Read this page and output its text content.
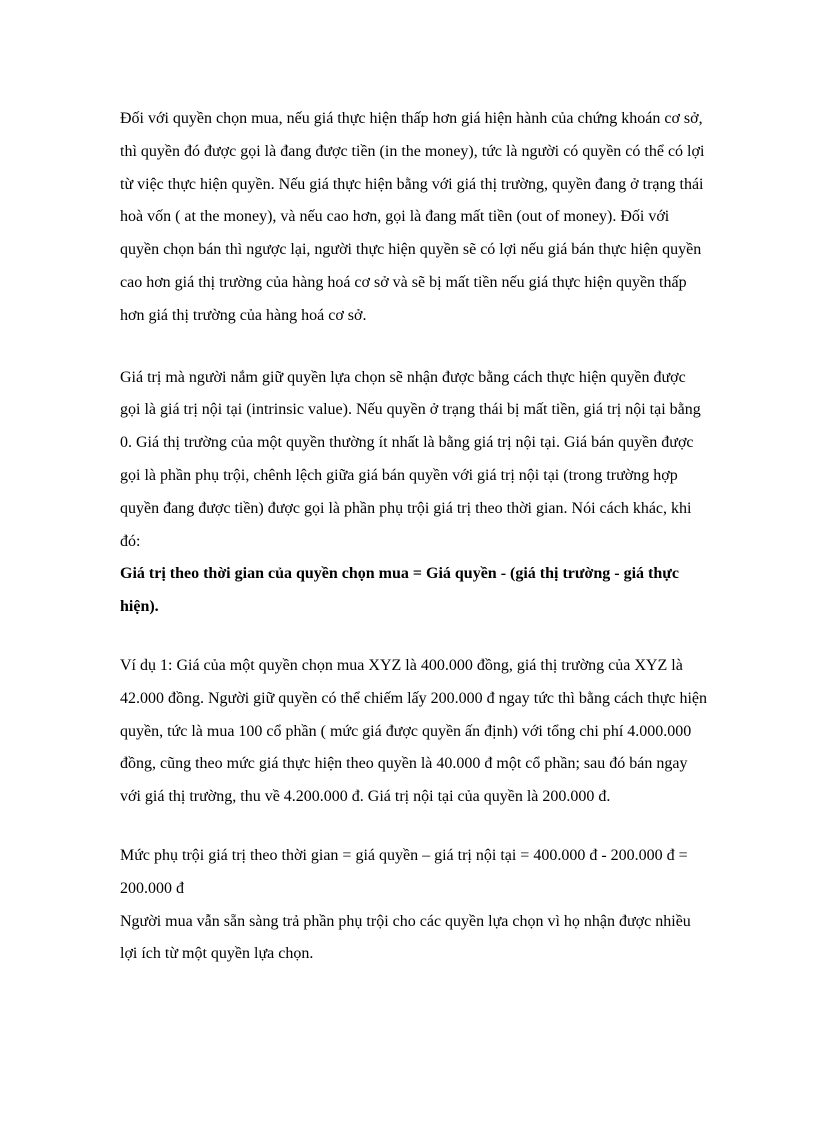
Đối với quyền chọn mua, nếu giá thực hiện thấp hơn giá hiện hành của chứng khoán cơ sở, thì quyền đó được gọi là đang được tiền (in the money), tức là người có quyền có thể có lợi từ việc thực hiện quyền. Nếu giá thực hiện bằng với giá thị trường, quyền đang ở trạng thái hoà vốn ( at the money), và nếu cao hơn, gọi là đang mất tiền (out of money). Đối với quyền chọn bán thì ngược lại, người thực hiện quyền sẽ có lợi nếu giá bán thực hiện quyền cao hơn giá thị trường của hàng hoá cơ sở và sẽ bị mất tiền nếu giá thực hiện quyền thấp hơn giá thị trường của hàng hoá cơ sở.

Giá trị mà người nắm giữ quyền lựa chọn sẽ nhận được bằng cách thực hiện quyền được gọi là giá trị nội tại (intrinsic value). Nếu quyền ở trạng thái bị mất tiền, giá trị nội tại bằng 0. Giá thị trường của một quyền thường ít nhất là bằng giá trị nội tại. Giá bán quyền được gọi là phần phụ trội, chênh lệch giữa giá bán quyền với giá trị nội tại (trong trường hợp quyền đang được tiền) được gọi là phần phụ trội giá trị theo thời gian. Nói cách khác, khi đó:

Giá trị theo thời gian của quyền chọn mua = Giá quyền - (giá thị trường - giá thực hiện).

Ví dụ 1: Giá của một quyền chọn mua XYZ là 400.000 đồng, giá thị trường của XYZ là 42.000 đồng. Người giữ quyền có thể chiếm lấy 200.000 đ ngay tức thì bằng cách thực hiện quyền, tức là mua 100 cổ phần ( mức giá được quyền ấn định) với tổng chi phí 4.000.000 đồng, cũng theo mức giá thực hiện theo quyền là 40.000 đ một cổ phần; sau đó bán ngay với giá thị trường, thu về 4.200.000 đ. Giá trị nội tại của quyền là 200.000 đ.

Mức phụ trội giá trị theo thời gian = giá quyền – giá trị nội tại = 400.000 đ - 200.000 đ = 200.000 đ

Người mua vẫn sẵn sàng trả phần phụ trội cho các quyền lựa chọn vì họ nhận được nhiều lợi ích từ một quyền lựa chọn.
